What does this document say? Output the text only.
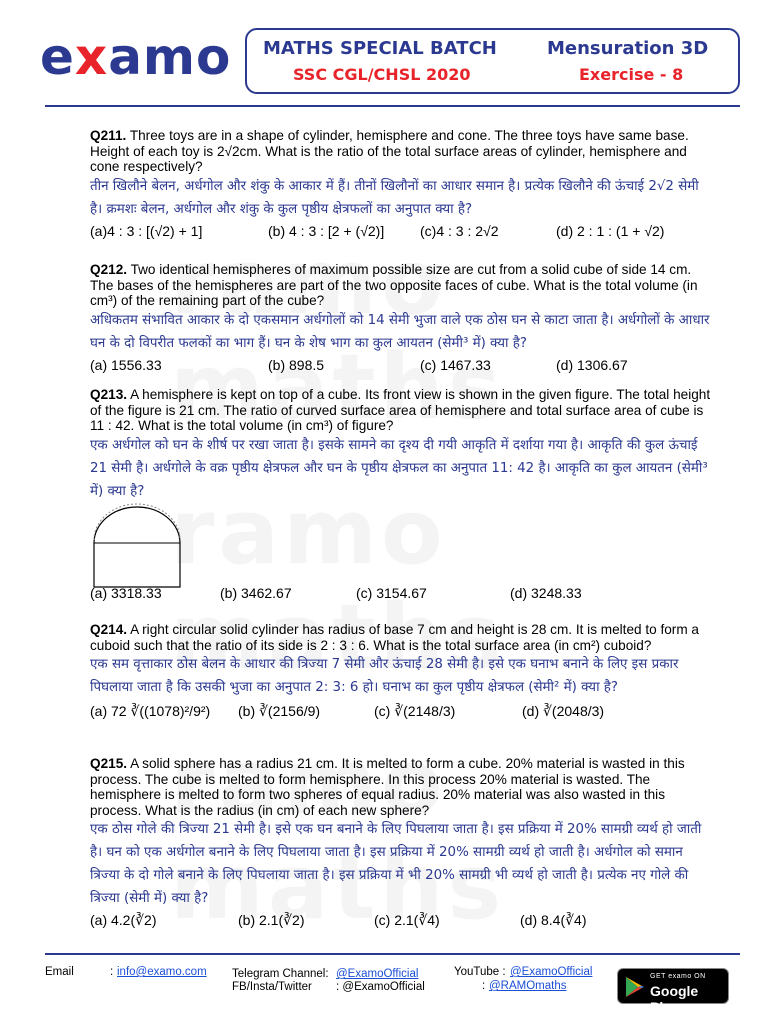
examo MATHS SPECIAL BATCH	Mensuration 3D
SSC CGL/CHSL 2020	Exercise - 8
Q211. Three toys are in a shape of cylinder, hemisphere and cone. The three toys have same base. Height of each toy is 2√2cm. What is the ratio of the total surface areas of cylinder, hemisphere and cone respectively?
तीन खिलौने बेलन, अर्धगोल और शंकु के आकार में हैं। तीनों खिलौनों का आधार समान है। प्रत्येक खिलौने की ऊंचाई 2√2 सेमी है। क्रमशः बेलन, अर्धगोल और शंकु के कुल पृष्ठीय क्षेत्रफलों का अनुपात क्या है?
(a)4 : 3 : [(√2) + 1]	(b) 4 : 3 : [2 + (√2)]	(c)4 : 3 : 2√2	(d) 2 : 1 : (1 + √2)
Q212. Two identical hemispheres of maximum possible size are cut from a solid cube of side 14 cm. The bases of the hemispheres are part of the two opposite faces of cube. What is the total volume (in cm³) of the remaining part of the cube?
अधिकतम संभावित आकार के दो एकसमान अर्धगोलों को 14 सेमी भुजा वाले एक ठोस घन से काटा जाता है। अर्धगोलों के आधार घन के दो विपरीत फलकों का भाग हैं। घन के शेष भाग का कुल आयतन (सेमी³ में) क्या है?
(a) 1556.33	(b) 898.5	(c) 1467.33	(d) 1306.67
Q213. A hemisphere is kept on top of a cube. Its front view is shown in the given figure. The total height of the figure is 21 cm. The ratio of curved surface area of hemisphere and total surface area of cube is 11 : 42. What is the total volume (in cm³) of figure?
एक अर्धगोल को घन के शीर्ष पर रखा जाता है। इसके सामने का दृश्य दी गयी आकृति में दर्शाया गया है। आकृति की कुल ऊंचाई 21 सेमी है। अर्धगोले के वक्र पृष्ठीय क्षेत्रफल और घन के पृष्ठीय क्षेत्रफल का अनुपात 11: 42 है। आकृति का कुल आयतन (सेमी³ में) क्या है?
(a) 3318.33	(b) 3462.67	(c) 3154.67	(d) 3248.33
Q214. A right circular solid cylinder has radius of base 7 cm and height is 28 cm. It is melted to form a cuboid such that the ratio of its side is 2 : 3 : 6. What is the total surface area (in cm²) cuboid?
एक सम वृत्ताकार ठोस बेलन के आधार की त्रिज्या 7 सेमी और ऊंचाई 28 सेमी है। इसे एक घनाभ बनाने के लिए इस प्रकार पिघलाया जाता है कि उसकी भुजा का अनुपात 2: 3: 6 हो। घनाभ का कुल पृष्ठीय क्षेत्रफल (सेमी² में) क्या है?
(a) 72 ∛((1078)²/9²) (b) ∛(2156/9)	(c) ∛(2148/3)	(d) ∛(2048/3)
Q215. A solid sphere has a radius 21 cm. It is melted to form a cube. 20% material is wasted in this process. The cube is melted to form hemisphere. In this process 20% material is wasted. The hemisphere is melted to form two spheres of equal radius. 20% material was also wasted in this process. What is the radius (in cm) of each new sphere?
एक ठोस गोले की त्रिज्या 21 सेमी है। इसे एक घन बनाने के लिए पिघलाया जाता है। इस प्रक्रिया में 20% सामग्री व्यर्थ हो जाती है। घन को एक अर्धगोल बनाने के लिए पिघलाया जाता है। इस प्रक्रिया में 20% सामग्री व्यर्थ हो जाती है। अर्धगोल को समान त्रिज्या के दो गोले बनाने के लिए पिघलाया जाता है। इस प्रक्रिया में भी 20% सामग्री भी व्यर्थ हो जाती है। प्रत्येक नए गोले की त्रिज्या (सेमी में) क्या है?
(a) 4.2(∛2)	(b) 2.1(∛2)	(c) 2.1(∛4)	(d) 8.4(∛4)
Email	: info@examo.com Telegram Channel: @ExamoOfficial
FB/Insta/Twitter : @ExamoOfficial
YouTube : @ExamoOfficial
: @RAMOmaths
GET examo ON
Google Play
